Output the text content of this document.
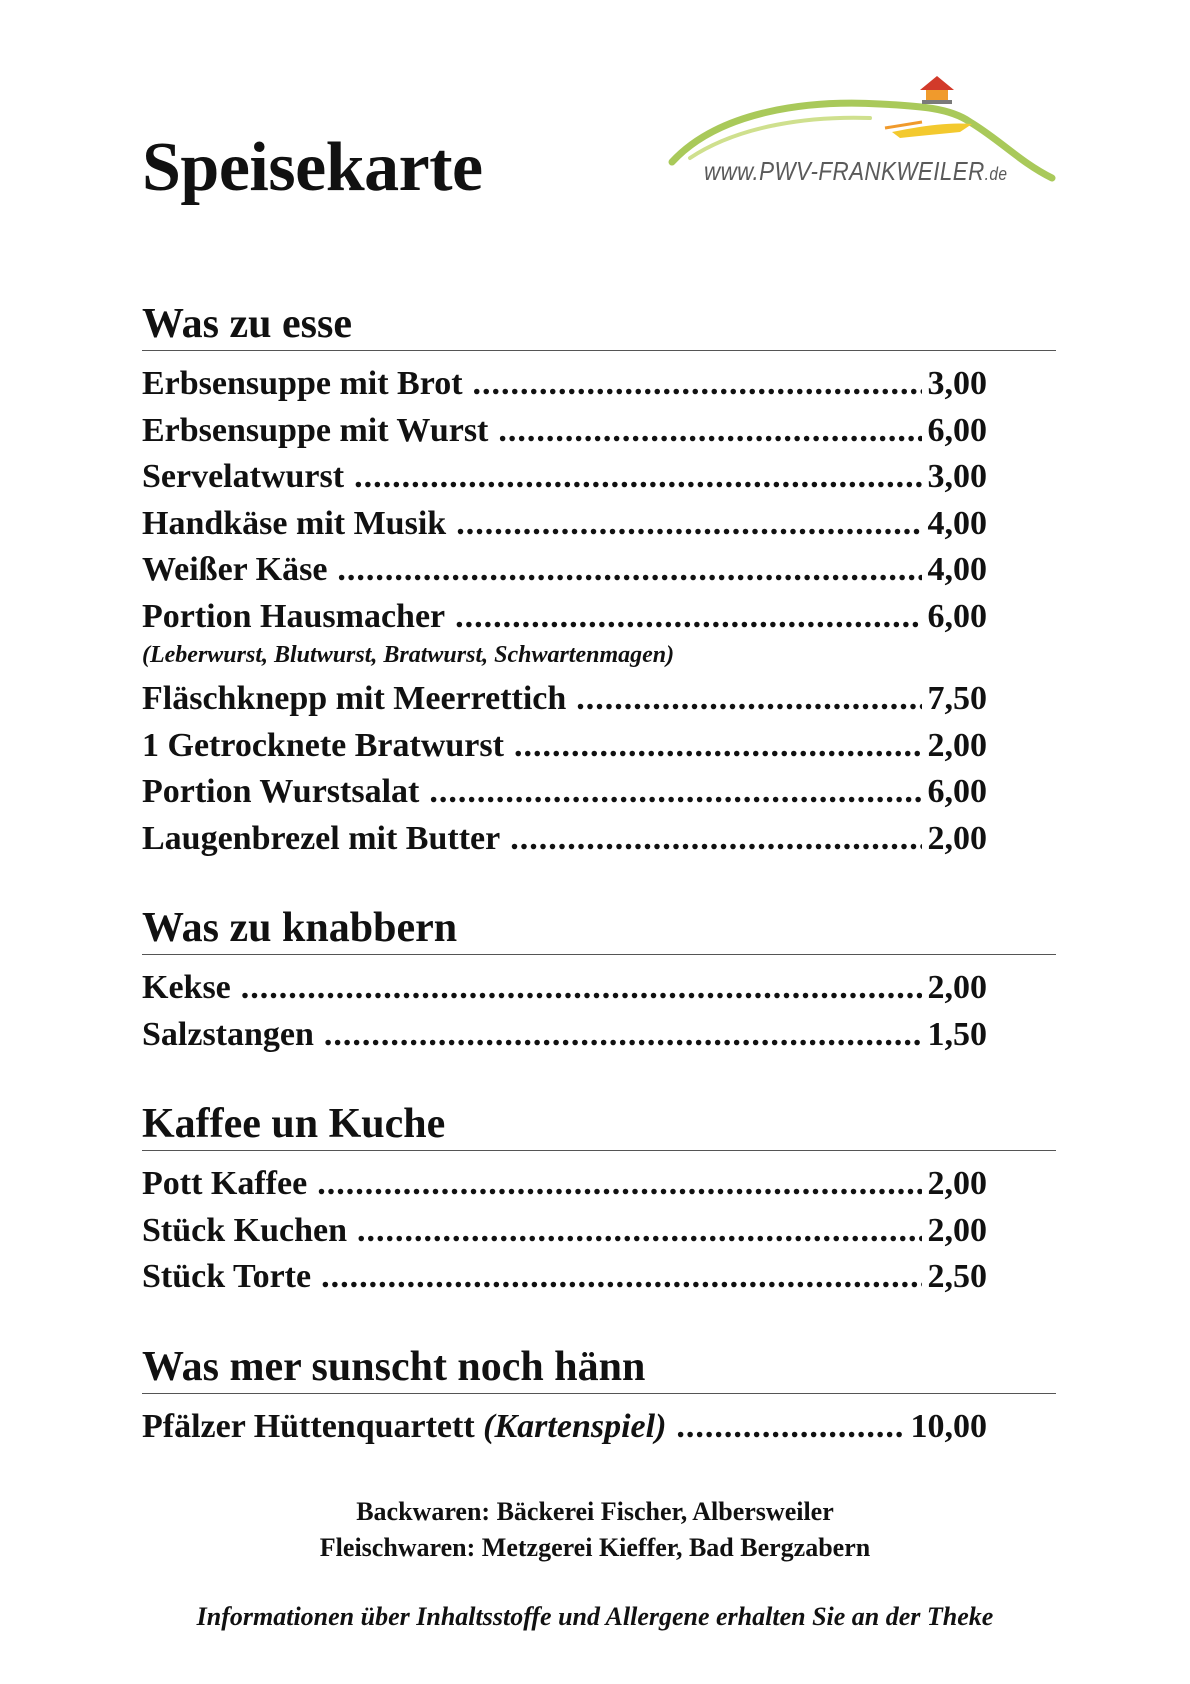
Speisekarte	www.PWV-FRANKWEILER.de
Was zu esse
Erbsensuppe mit Brot .....	3,00
Erbsensuppe mit Wurst .....	6,00
Servelatwurst .....	3,00
Handkäse mit Musik .....	4,00
Weißer Käse .....	4,00
Portion Hausmacher .....	6,00
(Leberwurst, Blutwurst, Bratwurst, Schwartenmagen)
Fläschknepp mit Meerrettich .....	7,50
1 Getrocknete Bratwurst .....	2,00
Portion Wurstsalat .....	6,00
Laugenbrezel mit Butter .....	2,00
Was zu knabbern
Kekse .....	2,00
Salzstangen .....	1,50
Kaffee un Kuche
Pott Kaffee .....	2,00
Stück Kuchen .....	2,00
Stück Torte .....	2,50
Was mer sunscht noch hänn
Pfälzer Hüttenquartett (Kartenspiel) .....	10,00
Backwaren: Bäckerei Fischer, Albersweiler
Fleischwaren: Metzgerei Kieffer, Bad Bergzabern
Informationen über Inhaltsstoffe und Allergene erhalten Sie an der Theke
